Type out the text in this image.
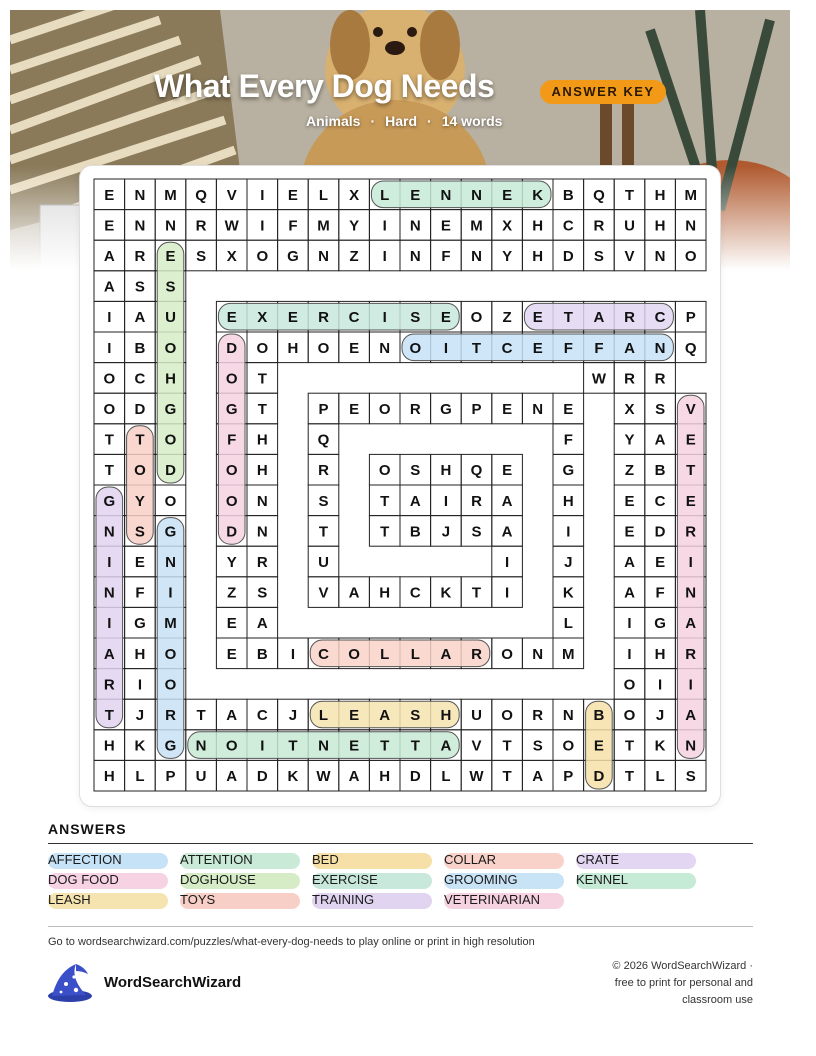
What Every Dog Needs	ANSWER KEY
Animals · Hard · 14 words
E N M Q V I E L X L E N N E K B Q T H M
E N N R W I F M Y I N E M X H C R U H N
A R E S X O G N Z I N F N Y H D S V N O
A S S
I A U	E X E R C I S E O Z E T A R C P
I B O	D O H O E N O I T C E F F A N Q
O C H	O T	W R R
O D G	G T	P E O R G P E N E	X S V
T T O	F H	Q	F	Y A E
T O D	O H	R	O S H Q E	G	Z B T
G Y O	O N	S	T A I R A	H	E C E
N S G	D N	T	T B J S A	I	E D R
I E N	Y R	U	I	J	A E I
N F I	Z S	V A H C K T I	K	A F N
I G M	E A	L	I G A
A H O	E B I C O L L A R O N M	I H R
R I O	O I I
T J R T A C J L E A S H U O R N B O J A
H K G N O I T N E T T A V T S O E T K N
H L P U A D K W A H D L W T A P D T L S
ANSWERS
AFFECTION	ATTENTION	BED	COLLAR	CRATE
DOG FOOD	DOGHOUSE	EXERCISE	GROOMING	KENNEL
LEASH	TOYS	TRAINING	VETERINARIAN
Go to wordsearchwizard.com/puzzles/what-every-dog-needs to play online or print in high resolution
WordSearchWizard
© 2026 WordSearchWizard ·
free to print for personal and
classroom use
